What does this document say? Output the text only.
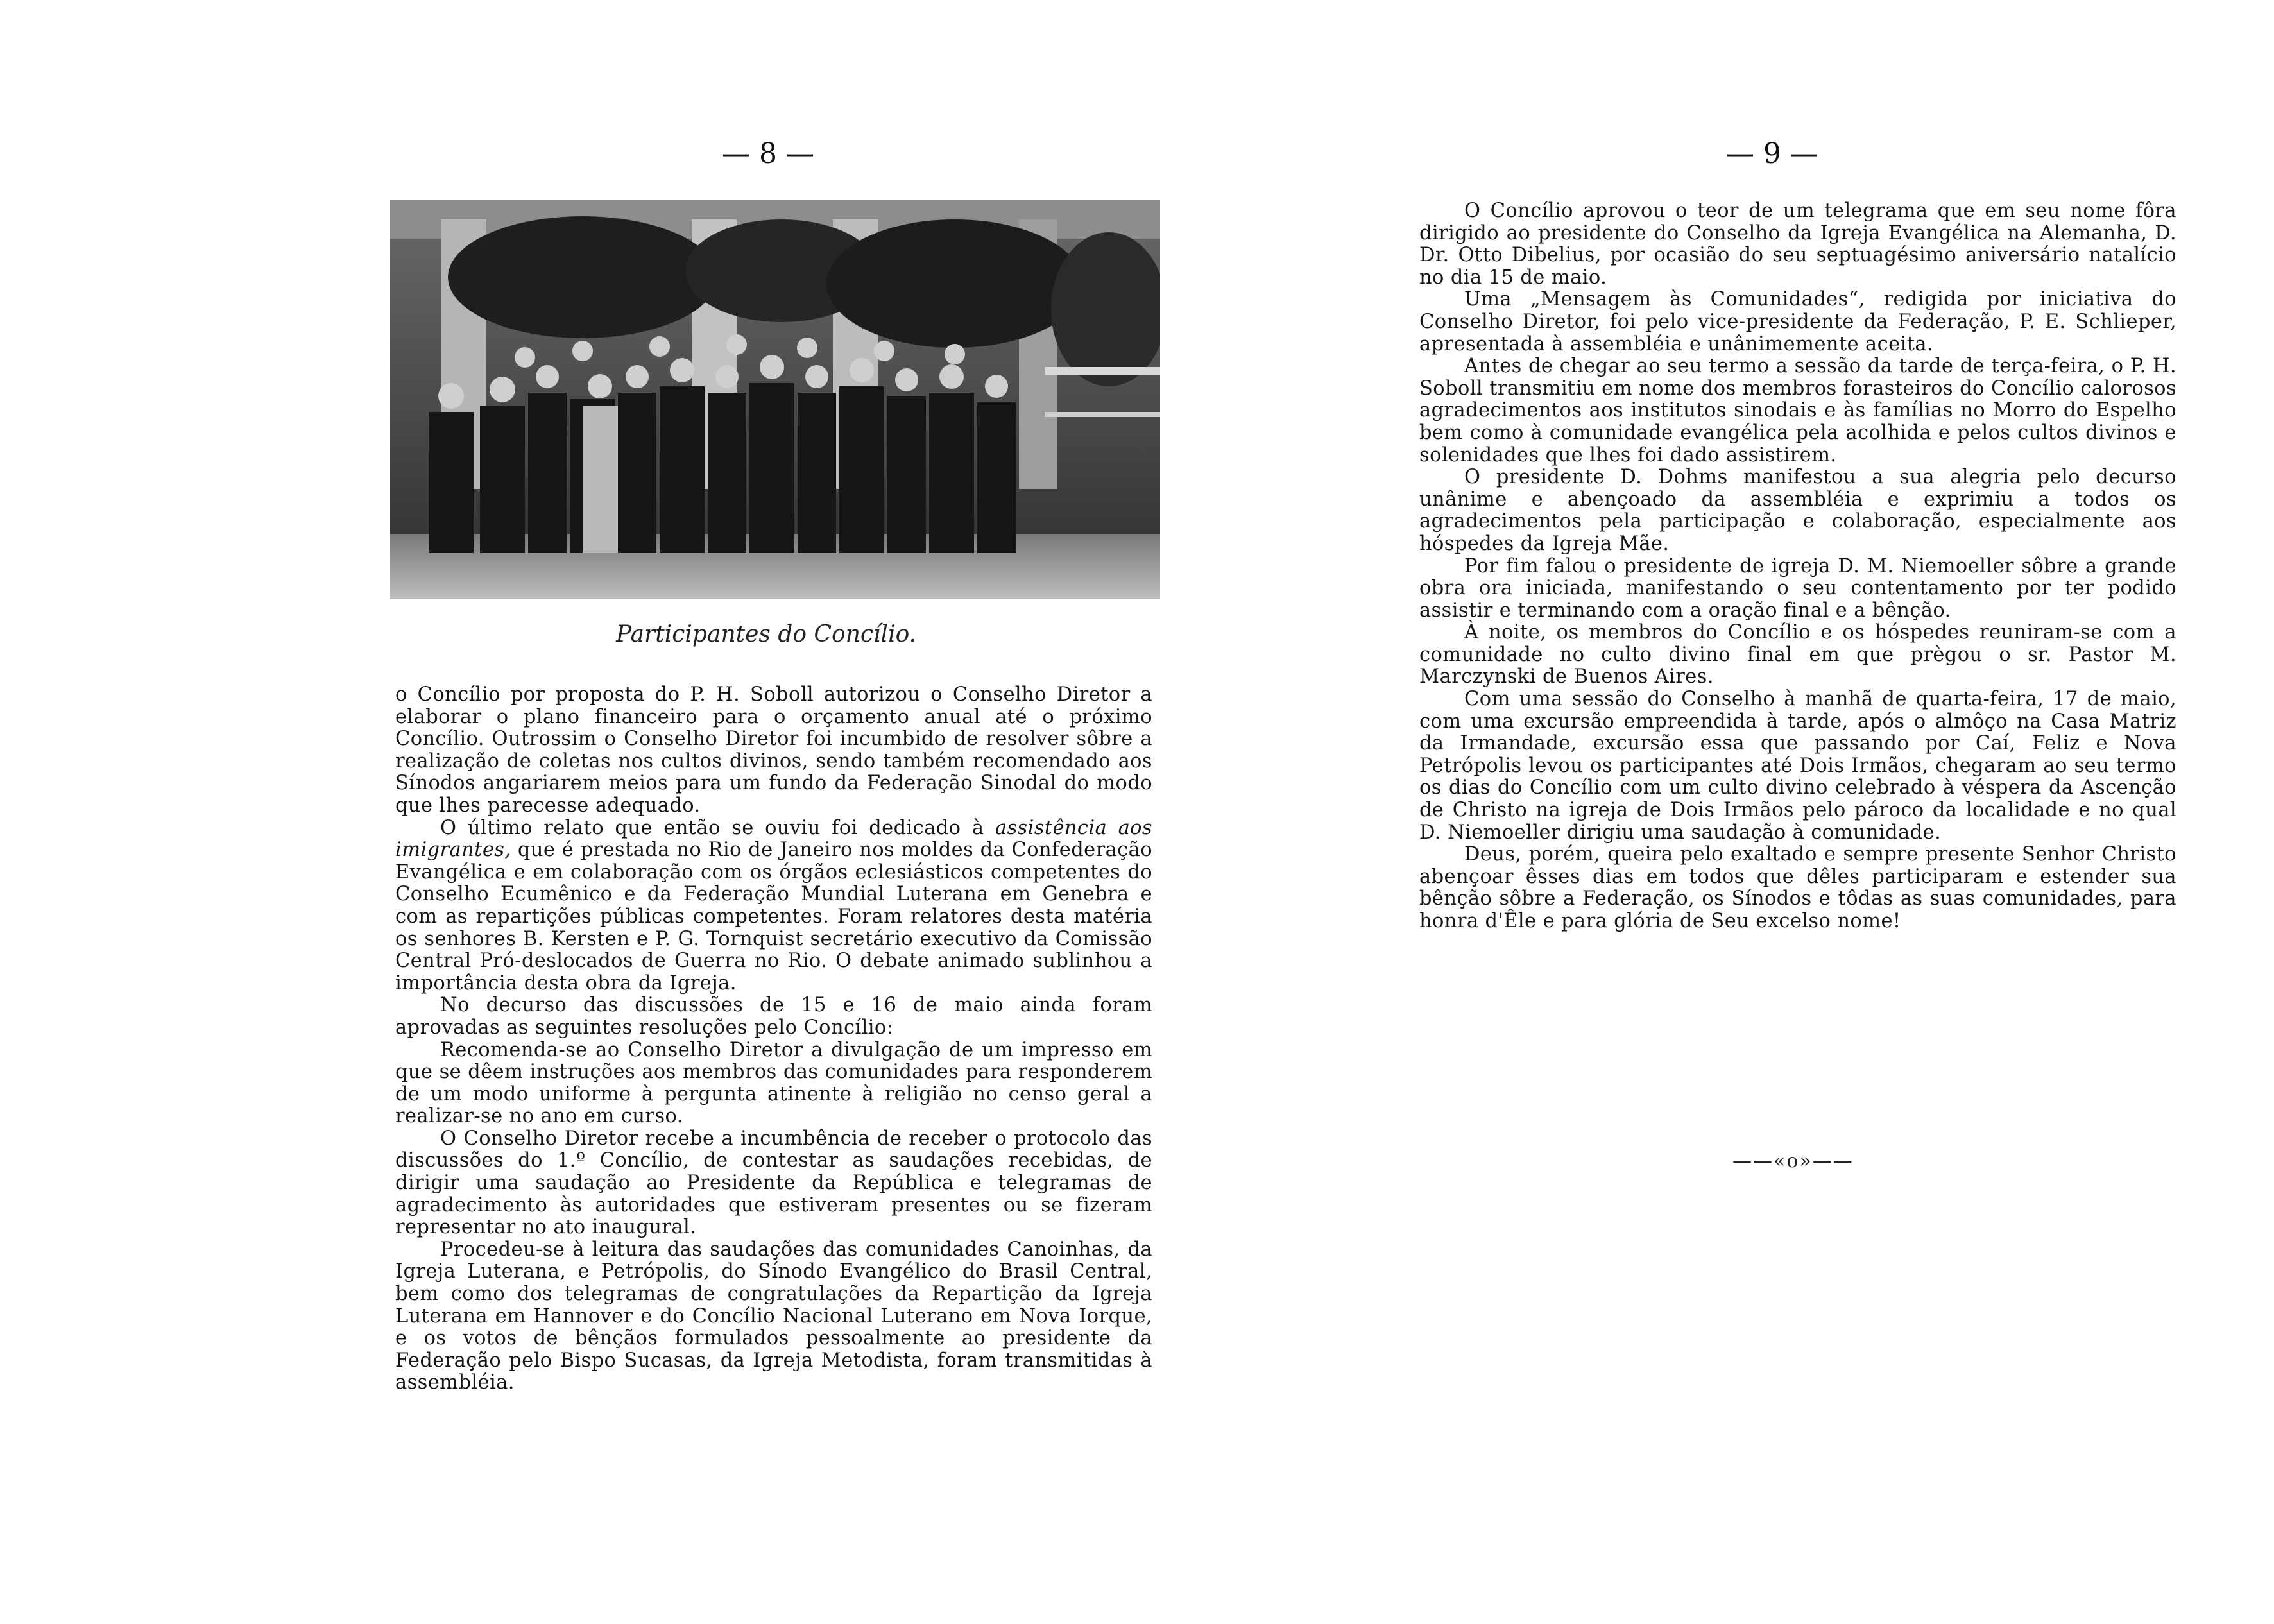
— 8 —
Participantes do Concílio.

o Concílio por proposta do P. H. Soboll autorizou o Conselho Diretor a elaborar o plano financeiro para o orçamento anual até o próximo Concílio. Outrossim o Conselho Diretor foi incumbido de resolver sôbre a realização de coletas nos cultos divinos, sendo também recomendado aos Sínodos angariarem meios para um fundo da Federação Sinodal do modo que lhes parecesse adequado.

O último relato que então se ouviu foi dedicado à assistência aos imigrantes, que é prestada no Rio de Janeiro nos moldes da Confederação Evangélica e em colaboração com os órgãos eclesiásticos competentes do Conselho Ecumênico e da Federação Mundial Luterana em Genebra e com as repartições públicas competentes. Foram relatores desta matéria os senhores B. Kersten e P. G. Tornquist secretário executivo da Comissão Central Pró-deslocados de Guerra no Rio. O debate animado sublinhou a importância desta obra da Igreja.

No decurso das discussões de 15 e 16 de maio ainda foram aprovadas as seguintes resoluções pelo Concílio:

Recomenda-se ao Conselho Diretor a divulgação de um impresso em que se dêem instruções aos membros das comunidades para responderem de um modo uniforme à pergunta atinente à religião no censo geral a realizar-se no ano em curso.

O Conselho Diretor recebe a incumbência de receber o protocolo das discussões do 1.º Concílio, de contestar as saudações recebidas, de dirigir uma saudação ao Presidente da República e telegramas de agradecimento às autoridades que estiveram presentes ou se fizeram representar no ato inaugural.

Procedeu-se à leitura das saudações das comunidades Canoinhas, da Igreja Luterana, e Petrópolis, do Sínodo Evangélico do Brasil Central, bem como dos telegramas de congratulações da Repartição da Igreja Luterana em Hannover e do Concílio Nacional Luterano em Nova Iorque, e os votos de bênçãos formulados pessoalmente ao presidente da Federação pelo Bispo Sucasas, da Igreja Metodista, foram transmitidas à assembléia.

— 9 —

O Concílio aprovou o teor de um telegrama que em seu nome fôra dirigido ao presidente do Conselho da Igreja Evangélica na Alemanha, D. Dr. Otto Dibelius, por ocasião do seu septuagésimo aniversário natalício no dia 15 de maio.

Uma „Mensagem às Comunidades“, redigida por iniciativa do Conselho Diretor, foi pelo vice-presidente da Federação, P. E. Schlieper, apresentada à assembléia e unânimemente aceita.

Antes de chegar ao seu termo a sessão da tarde de terça-feira, o P. H. Soboll transmitiu em nome dos membros forasteiros do Concílio calorosos agradecimentos aos institutos sinodais e às famílias no Morro do Espelho bem como à comunidade evangélica pela acolhida e pelos cultos divinos e solenidades que lhes foi dado assistirem.

O presidente D. Dohms manifestou a sua alegria pelo decurso unânime e abençoado da assembléia e exprimiu a todos os agradecimentos pela participação e colaboração, especialmente aos hóspedes da Igreja Mãe.

Por fim falou o presidente de igreja D. M. Niemoeller sôbre a grande obra ora iniciada, manifestando o seu contentamento por ter podido assistir e terminando com a oração final e a bênção.

À noite, os membros do Concílio e os hóspedes reuniram-se com a comunidade no culto divino final em que prègou o sr. Pastor M. Marczynski de Buenos Aires.

Com uma sessão do Conselho à manhã de quarta-feira, 17 de maio, com uma excursão empreendida à tarde, após o almôço na Casa Matriz da Irmandade, excursão essa que passando por Caí, Feliz e Nova Petrópolis levou os participantes até Dois Irmãos, chegaram ao seu termo os dias do Concílio com um culto divino celebrado à véspera da Ascenção de Christo na igreja de Dois Irmãos pelo pároco da localidade e no qual D. Niemoeller dirigiu uma saudação à comunidade.

Deus, porém, queira pelo exaltado e sempre presente Senhor Christo abençoar êsses dias em todos que dêles participaram e estender sua bênção sôbre a Federação, os Sínodos e tôdas as suas comunidades, para honra d'Êle e para glória de Seu excelso nome!

——«o»——
